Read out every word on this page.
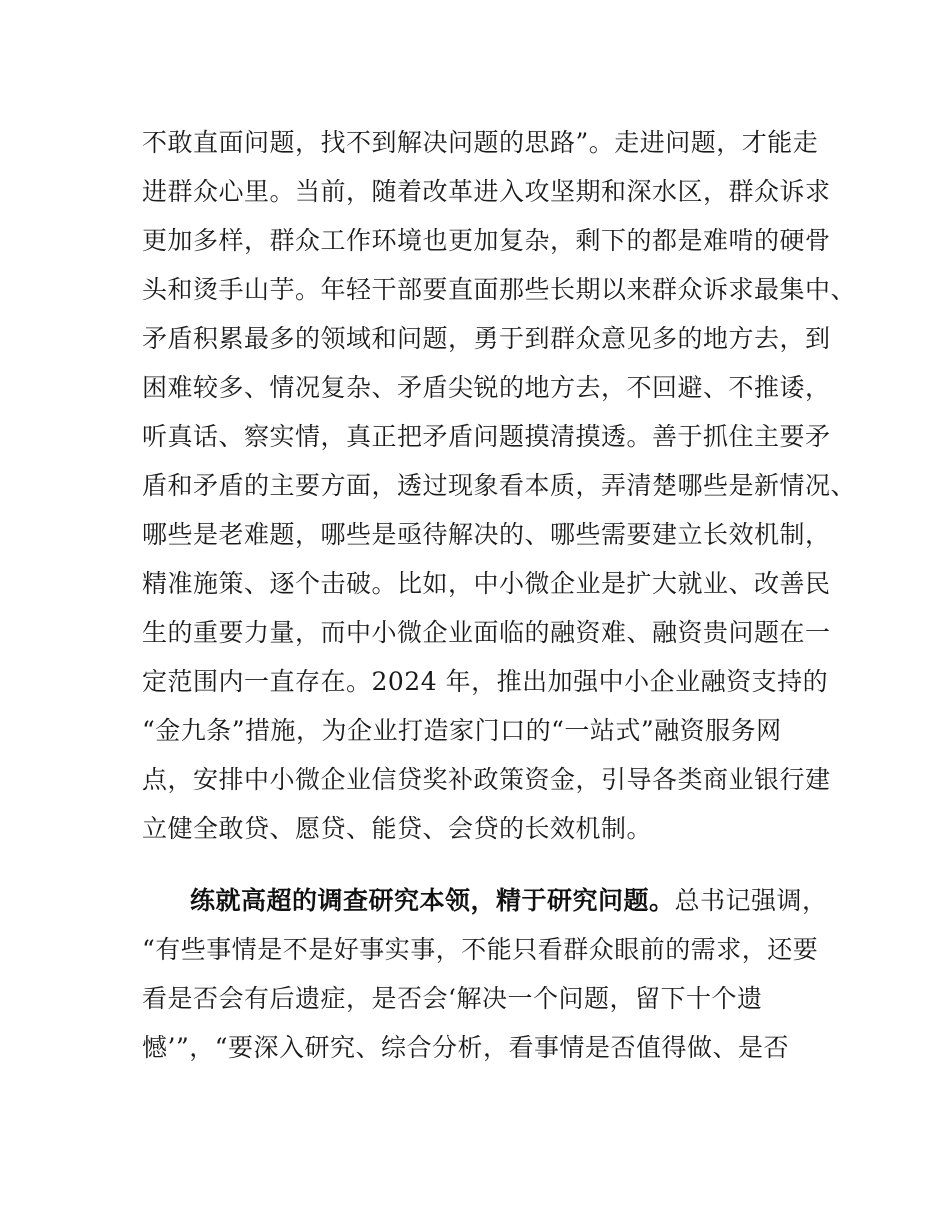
不敢直面问题，找不到解决问题的思路”。走进问题，才能走

进群众心里。当前，随着改革进入攻坚期和深水区，群众诉求

更加多样，群众工作环境也更加复杂，剩下的都是难啃的硬骨

头和烫手山芋。年轻干部要直面那些长期以来群众诉求最集中、

矛盾积累最多的领域和问题，勇于到群众意见多的地方去，到

困难较多、情况复杂、矛盾尖锐的地方去，不回避、不推诿，

听真话、察实情，真正把矛盾问题摸清摸透。善于抓住主要矛

盾和矛盾的主要方面，透过现象看本质，弄清楚哪些是新情况、

哪些是老难题，哪些是亟待解决的、哪些需要建立长效机制，

精准施策、逐个击破。比如，中小微企业是扩大就业、改善民

生的重要力量，而中小微企业面临的融资难、融资贵问题在一

定范围内一直存在。2024 年，推出加强中小企业融资支持的

“金九条”措施，为企业打造家门口的“一站式”融资服务网

点，安排中小微企业信贷奖补政策资金，引导各类商业银行建

立健全敢贷、愿贷、能贷、会贷的长效机制。

练就高超的调查研究本领，精于研究问题。总书记强调，

“有些事情是不是好事实事，不能只看群众眼前的需求，还要

看是否会有后遗症，是否会‘解决一个问题，留下十个遗

憾’”，“要深入研究、综合分析，看事情是否值得做、是否
